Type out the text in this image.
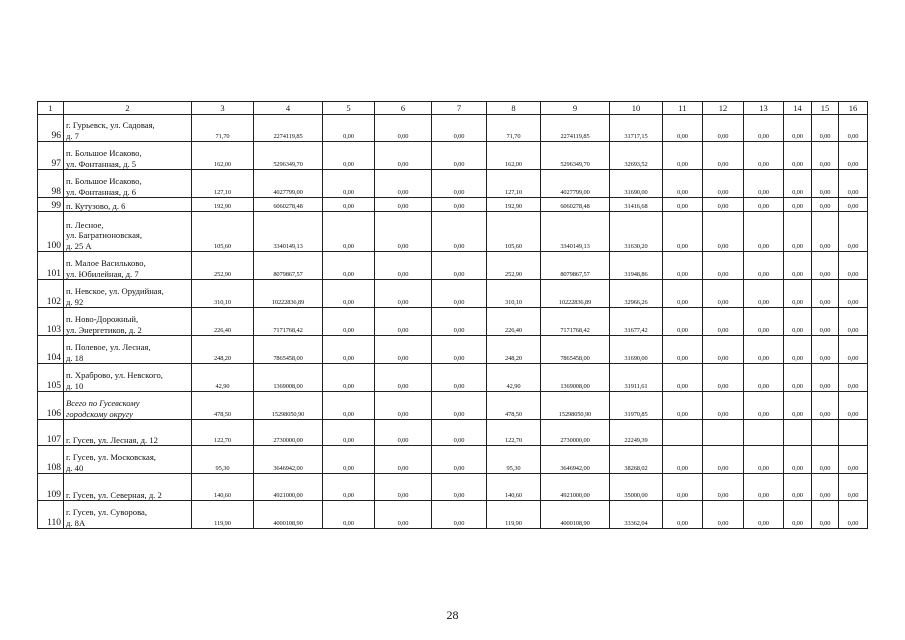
1	2	3	4	5	6	7	8	9	10	11	12	13	14	15	16
96	г. Гурьевск, ул. Садовая,
д. 7	71,70	2274119,85	0,00	0,00	0,00	71,70	2274119,85	31717,15	0,00	0,00	0,00	0,00	0,00	0,00
97	п. Большое Исаково,
ул. Фонтанная, д. 5	162,00	5296349,70	0,00	0,00	0,00	162,00	5296349,70	32693,52	0,00	0,00	0,00	0,00	0,00	0,00
98	п. Большое Исаково,
ул. Фонтанная, д. 6	127,10	4027799,00	0,00	0,00	0,00	127,10	4027799,00	31690,00	0,00	0,00	0,00	0,00	0,00	0,00
99	п. Кутузово, д. 6	192,90	6060278,48	0,00	0,00	0,00	192,90	6060278,48	31416,68	0,00	0,00	0,00	0,00	0,00	0,00
100	п. Лесное,
ул. Багратионовская,
д. 25 А	105,60	3340149,13	0,00	0,00	0,00	105,60	3340149,13	31630,20	0,00	0,00	0,00	0,00	0,00	0,00
101	п. Малое Васильково,
ул. Юбилейная, д. 7	252,90	8079867,57	0,00	0,00	0,00	252,90	8079867,57	31948,86	0,00	0,00	0,00	0,00	0,00	0,00
102	п. Невское, ул. Орудийная,
д. 92	310,10	10222836,89	0,00	0,00	0,00	310,10	10222836,89	32966,26	0,00	0,00	0,00	0,00	0,00	0,00
103	п. Ново-Дорожный,
ул. Энергетиков, д. 2	226,40	7171768,42	0,00	0,00	0,00	226,40	7171768,42	31677,42	0,00	0,00	0,00	0,00	0,00	0,00
104	п. Полевое, ул. Лесная,
д. 18	248,20	7865458,00	0,00	0,00	0,00	248,20	7865458,00	31690,00	0,00	0,00	0,00	0,00	0,00	0,00
105	п. Храброво, ул. Невского,
д. 10	42,90	1369008,00	0,00	0,00	0,00	42,90	1369008,00	31911,61	0,00	0,00	0,00	0,00	0,00	0,00
106	Всего по Гусевскому
городскому округу	478,50	15298050,90	0,00	0,00	0,00	478,50	15298050,90	31970,85	0,00	0,00	0,00	0,00	0,00	0,00
107	г. Гусев, ул. Лесная, д. 12	122,70	2730000,00	0,00	0,00	0,00	122,70	2730000,00	22249,39						
108	г. Гусев, ул. Московская,
д. 40	95,30	3646942,00	0,00	0,00	0,00	95,30	3646942,00	38268,02	0,00	0,00	0,00	0,00	0,00	0,00
109	г. Гусев, ул. Северная, д. 2	140,60	4921000,00	0,00	0,00	0,00	140,60	4921000,00	35000,00	0,00	0,00	0,00	0,00	0,00	0,00
110	г. Гусев, ул. Суворова,
д. 8А	119,90	4000108,90	0,00	0,00	0,00	119,90	4000108,90	33362,04	0,00	0,00	0,00	0,00	0,00	0,00
28
